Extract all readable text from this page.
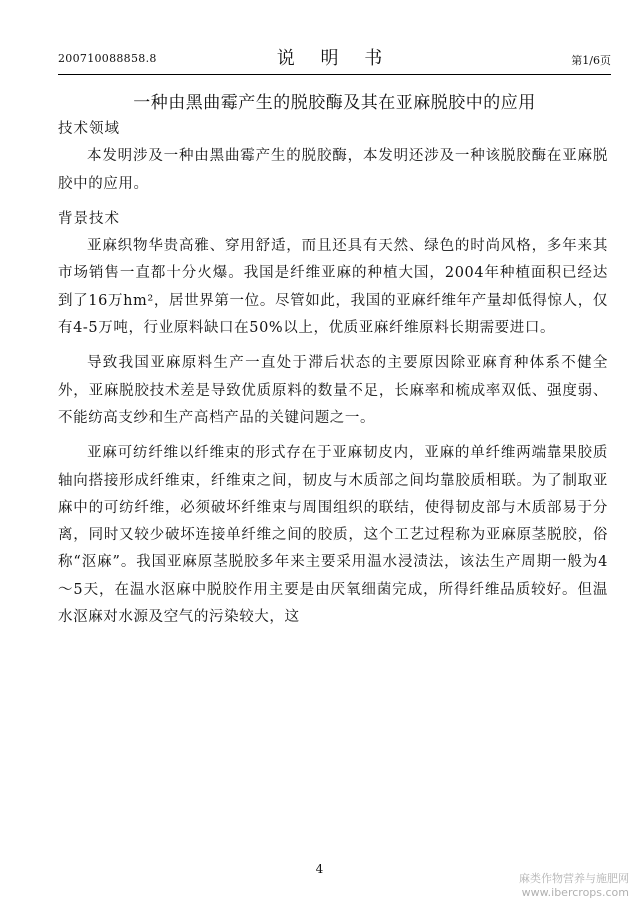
200710088858.8	说 明 书	第1/6页
一种由黑曲霉产生的脱胶酶及其在亚麻脱胶中的应用

技术领域

本发明涉及一种由黑曲霉产生的脱胶酶，本发明还涉及一种该脱胶酶在亚麻脱胶中的应用。

背景技术

亚麻织物华贵高雅、穿用舒适，而且还具有天然、绿色的时尚风格，多年来其市场销售一直都十分火爆。我国是纤维亚麻的种植大国，2004年种植面积已经达到了16万hm²，居世界第一位。尽管如此，我国的亚麻纤维年产量却低得惊人，仅有4-5万吨，行业原料缺口在50%以上，优质亚麻纤维原料长期需要进口。

导致我国亚麻原料生产一直处于滞后状态的主要原因除亚麻育种体系不健全外，亚麻脱胶技术差是导致优质原料的数量不足，长麻率和梳成率双低、强度弱、不能纺高支纱和生产高档产品的关键问题之一。

亚麻可纺纤维以纤维束的形式存在于亚麻韧皮内，亚麻的单纤维两端靠果胶质轴向搭接形成纤维束，纤维束之间，韧皮与木质部之间均靠胶质相联。为了制取亚麻中的可纺纤维，必须破坏纤维束与周围组织的联结，使得韧皮部与木质部易于分离，同时又较少破坏连接单纤维之间的胶质，这个工艺过程称为亚麻原茎脱胶，俗称“沤麻”。我国亚麻原茎脱胶多年来主要采用温水浸渍法，该法生产周期一般为4～5天，在温水沤麻中脱胶作用主要是由厌氧细菌完成，所得纤维品质较好。但温水沤麻对水源及空气的污染较大，这

4
麻类作物营养与施肥网
www.ibercrops.com
